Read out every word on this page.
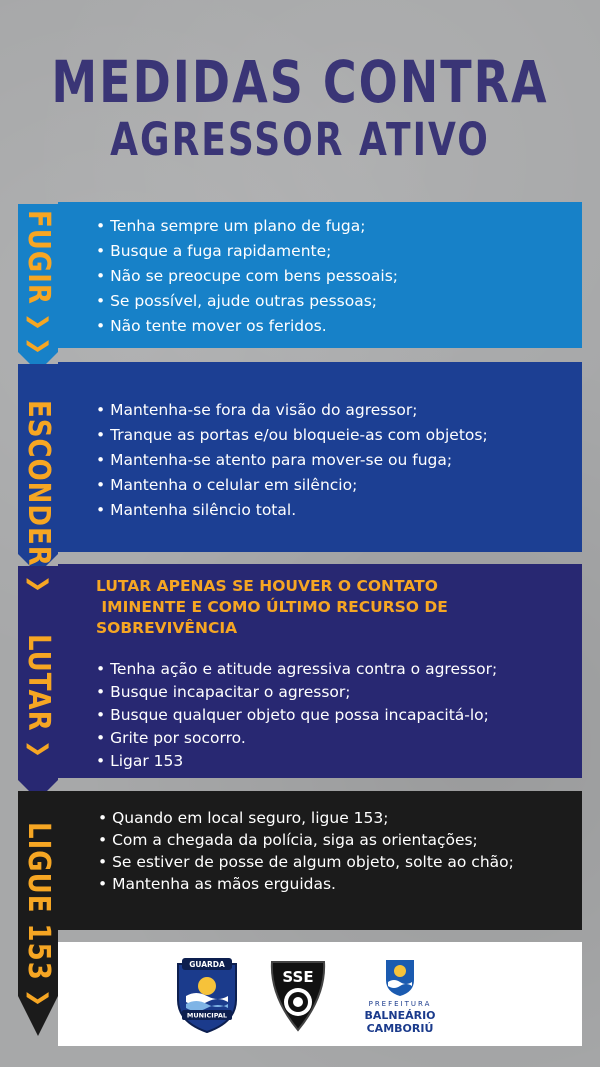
MEDIDAS CONTRA
AGRESSOR ATIVO
FUGIR
❯
❯
ESCONDER
❯
LUTAR
❯
LIGUE 153
❯
• Tenha sempre um plano de fuga;
• Busque a fuga rapidamente;
• Não se preocupe com bens pessoais;
• Se possível, ajude outras pessoas;
• Não tente mover os feridos.
• Mantenha-se fora da visão do agressor;
• Tranque as portas e/ou bloqueie-as com objetos;
• Mantenha-se atento para mover-se ou fuga;
• Mantenha o celular em silêncio;
• Mantenha silêncio total.
LUTAR APENAS SE HOUVER O CONTATO
IMINENTE E COMO ÚLTIMO RECURSO DE
SOBREVIVÊNCIA
• Tenha ação e atitude agressiva contra o agressor;
• Busque incapacitar o agressor;
• Busque qualquer objeto que possa incapacitá-lo;
• Grite por socorro.
• Ligar 153
• Quando em local seguro, ligue 153;
• Com a chegada da polícia, siga as orientações;
• Se estiver de posse de algum objeto, solte ao chão;
• Mantenha as mãos erguidas.
GUARDA
MUNICIPAL
SSE
PREFEITURA
BALNEÁRIO
CAMBORIÚ
